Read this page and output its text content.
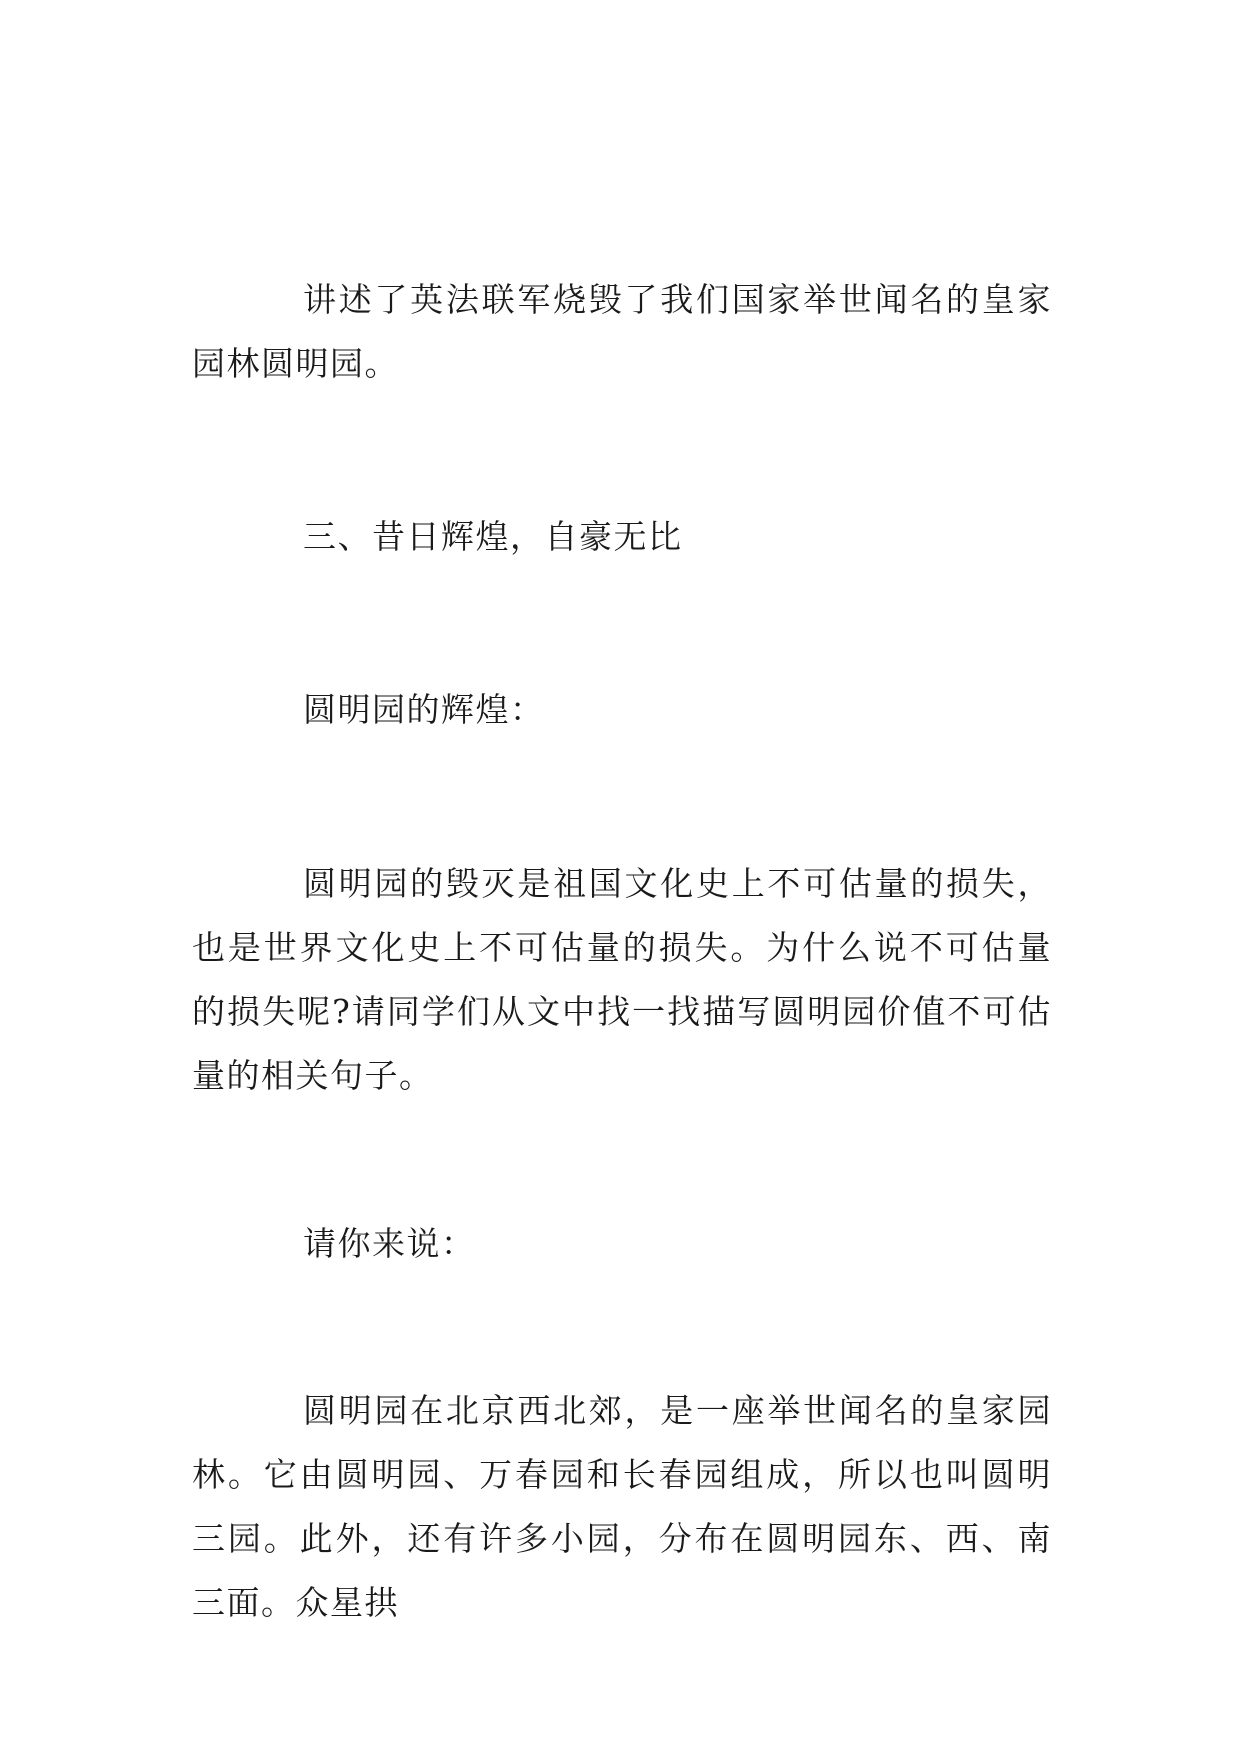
讲述了英法联军烧毁了我们国家举世闻名的皇家园林圆明园。

三、昔日辉煌，自豪无比

圆明园的辉煌：

圆明园的毁灭是祖国文化史上不可估量的损失，也是世界文化史上不可估量的损失。为什么说不可估量的损失呢?请同学们从文中找一找描写圆明园价值不可估量的相关句子。

请你来说：

圆明园在北京西北郊，是一座举世闻名的皇家园林。它由圆明园、万春园和长春园组成，所以也叫圆明三园。此外，还有许多小园，分布在圆明园东、西、南三面。众星拱
